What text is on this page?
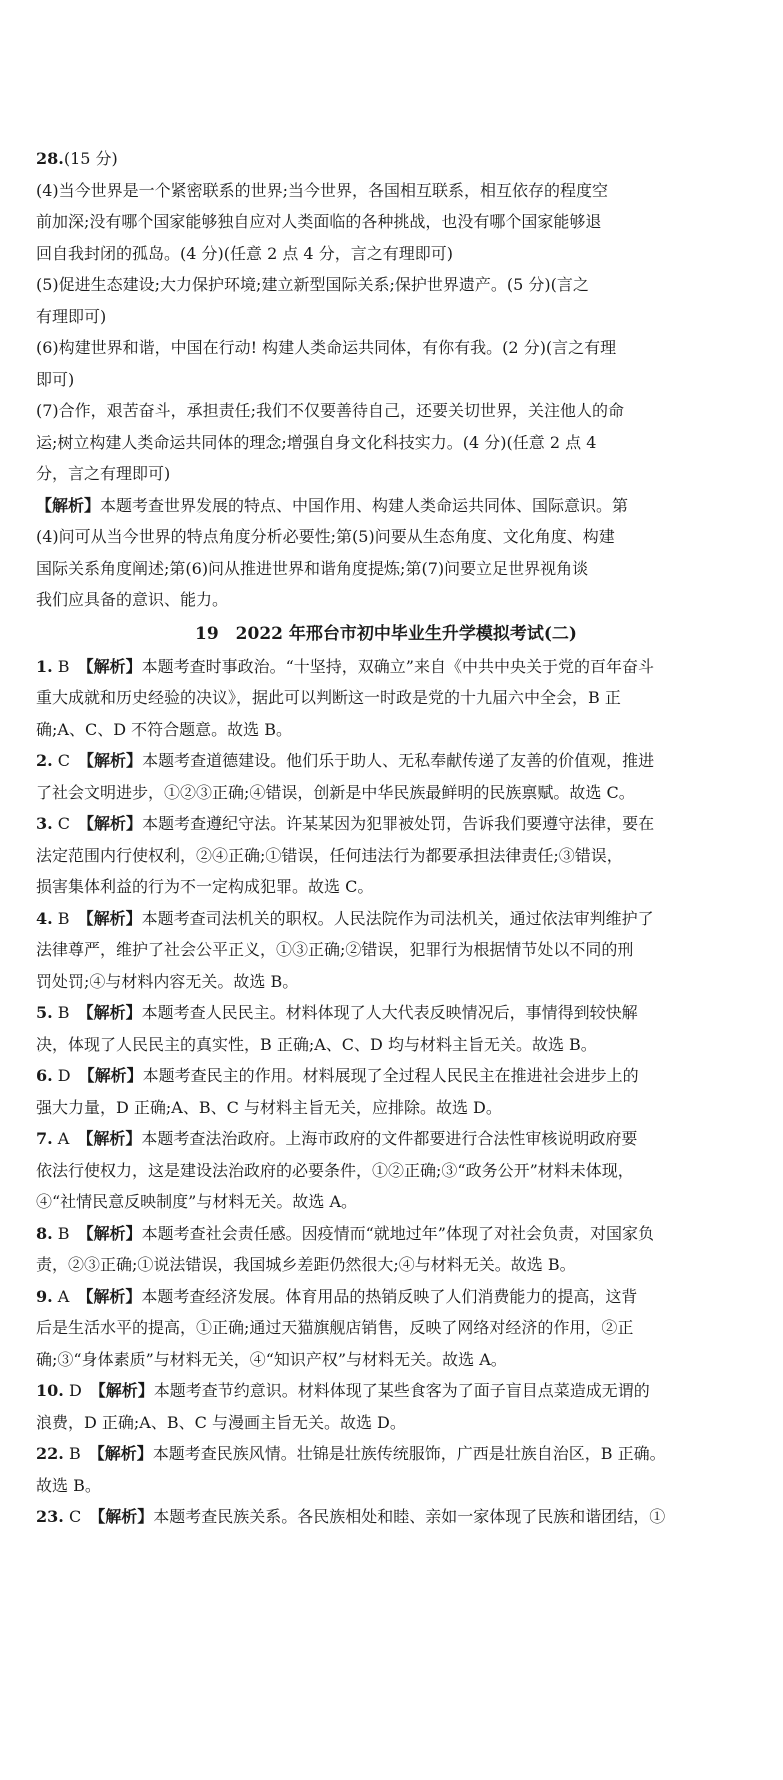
28.(15 分)
(4)当今世界是一个紧密联系的世界;当今世界，各国相互联系，相互依存的程度空
前加深;没有哪个国家能够独自应对人类面临的各种挑战，也没有哪个国家能够退
回自我封闭的孤岛。(4 分)(任意 2 点 4 分，言之有理即可)
(5)促进生态建设;大力保护环境;建立新型国际关系;保护世界遗产。(5 分)(言之
有理即可)
(6)构建世界和谐，中国在行动! 构建人类命运共同体，有你有我。(2 分)(言之有理
即可)
(7)合作，艰苦奋斗，承担责任;我们不仅要善待自己，还要关切世界，关注他人的命
运;树立构建人类命运共同体的理念;增强自身文化科技实力。(4 分)(任意 2 点 4
分，言之有理即可)
【解析】本题考查世界发展的特点、中国作用、构建人类命运共同体、国际意识。第
(4)问可从当今世界的特点角度分析必要性;第(5)问要从生态角度、文化角度、构建
国际关系角度阐述;第(6)问从推进世界和谐角度提炼;第(7)问要立足世界视角谈
我们应具备的意识、能力。
19　2022 年邢台市初中毕业生升学模拟考试(二)
1. B  【解析】本题考查时事政治。“十坚持，双确立”来自《中共中央关于党的百年奋斗
重大成就和历史经验的决议》，据此可以判断这一时政是党的十九届六中全会，B 正
确;A、C、D 不符合题意。故选 B。
2. C  【解析】本题考查道德建设。他们乐于助人、无私奉献传递了友善的价值观，推进
了社会文明进步，①②③正确;④错误，创新是中华民族最鲜明的民族禀赋。故选 C。
3. C  【解析】本题考查遵纪守法。许某某因为犯罪被处罚，告诉我们要遵守法律，要在
法定范围内行使权利，②④正确;①错误，任何违法行为都要承担法律责任;③错误，
损害集体利益的行为不一定构成犯罪。故选 C。
4. B  【解析】本题考查司法机关的职权。人民法院作为司法机关，通过依法审判维护了
法律尊严，维护了社会公平正义，①③正确;②错误，犯罪行为根据情节处以不同的刑
罚处罚;④与材料内容无关。故选 B。
5. B  【解析】本题考查人民民主。材料体现了人大代表反映情况后，事情得到较快解
决，体现了人民民主的真实性，B 正确;A、C、D 均与材料主旨无关。故选 B。
6. D  【解析】本题考查民主的作用。材料展现了全过程人民民主在推进社会进步上的
强大力量，D 正确;A、B、C 与材料主旨无关，应排除。故选 D。
7. A  【解析】本题考查法治政府。上海市政府的文件都要进行合法性审核说明政府要
依法行使权力，这是建设法治政府的必要条件，①②正确;③“政务公开”材料未体现，
④“社情民意反映制度”与材料无关。故选 A。
8. B  【解析】本题考查社会责任感。因疫情而“就地过年”体现了对社会负责，对国家负
责，②③正确;①说法错误，我国城乡差距仍然很大;④与材料无关。故选 B。
9. A  【解析】本题考查经济发展。体育用品的热销反映了人们消费能力的提高，这背
后是生活水平的提高，①正确;通过天猫旗舰店销售，反映了网络对经济的作用，②正
确;③“身体素质”与材料无关，④“知识产权”与材料无关。故选 A。
10. D  【解析】本题考查节约意识。材料体现了某些食客为了面子盲目点菜造成无谓的
浪费，D 正确;A、B、C 与漫画主旨无关。故选 D。
22. B  【解析】本题考查民族风情。壮锦是壮族传统服饰，广西是壮族自治区，B 正确。
故选 B。
23. C  【解析】本题考查民族关系。各民族相处和睦、亲如一家体现了民族和谐团结，①
